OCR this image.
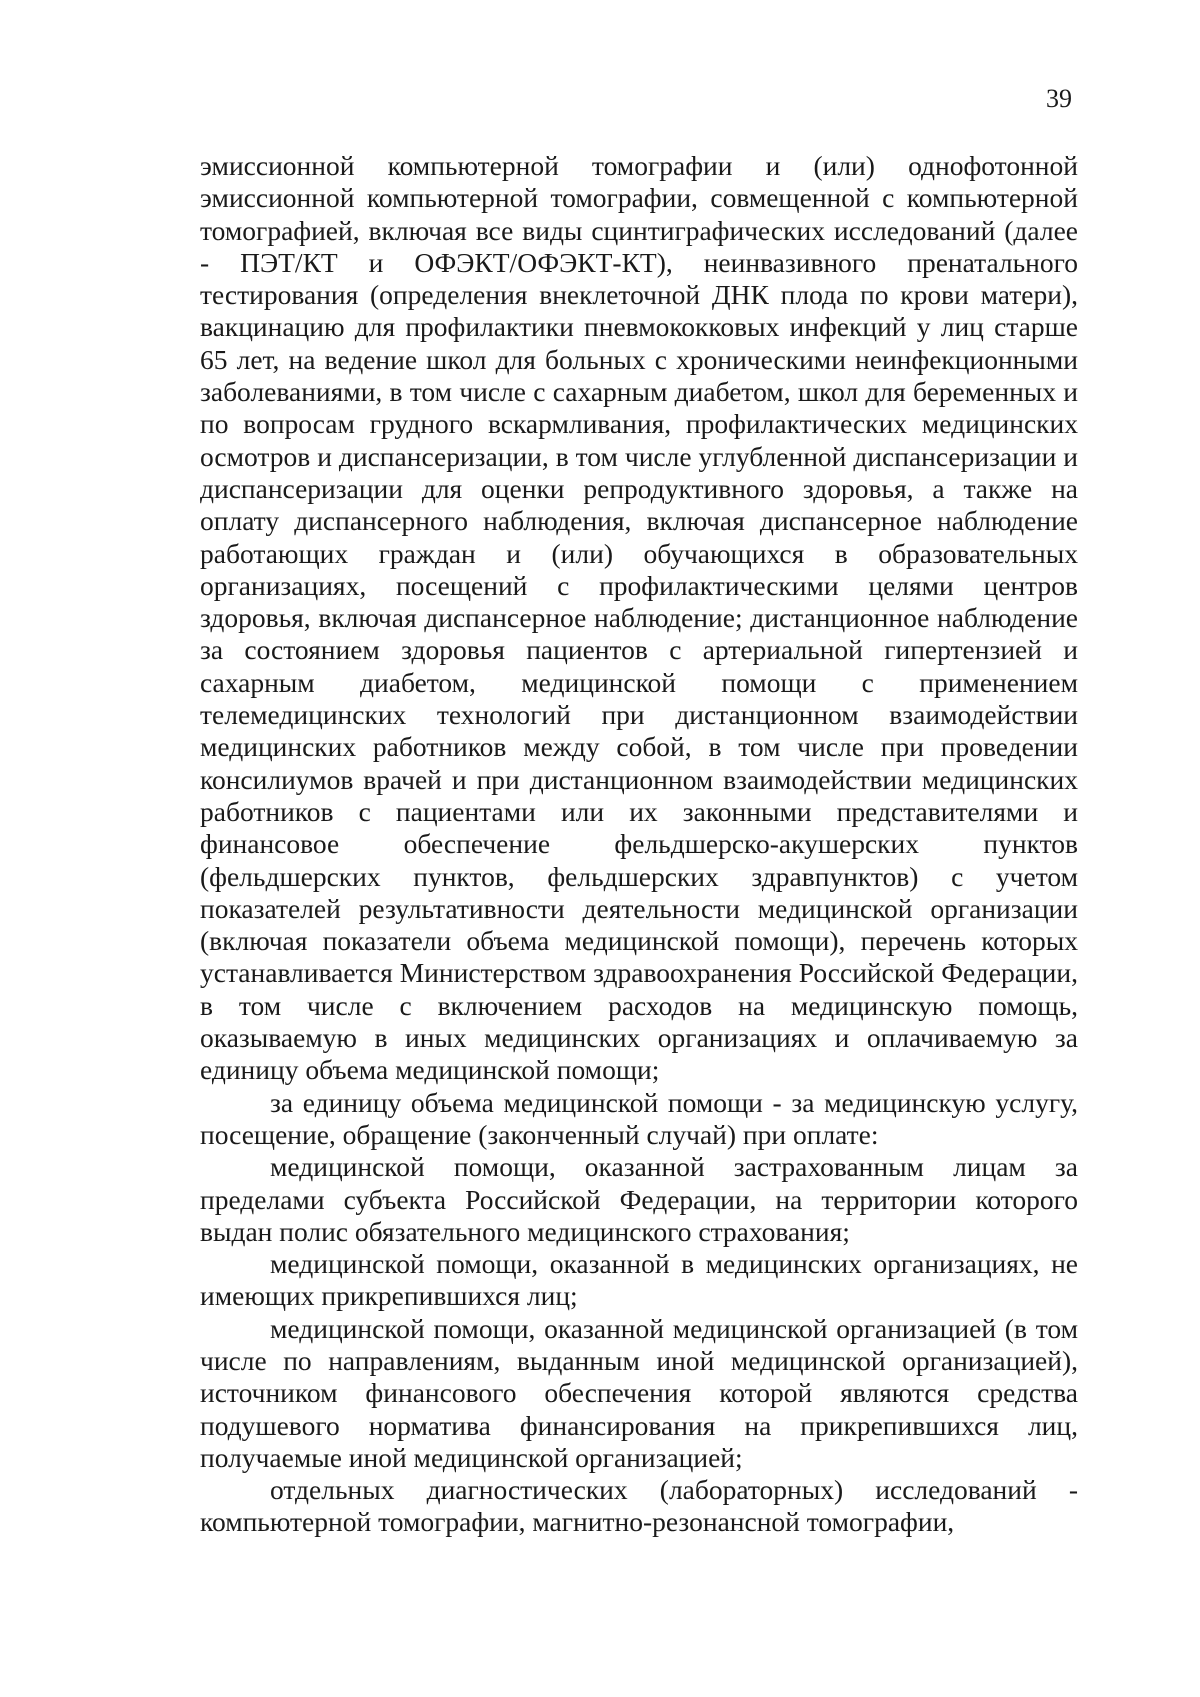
39

эмиссионной компьютерной томографии и (или) однофотонной эмиссионной компьютерной томографии, совмещенной с компьютерной томографией, включая все виды сцинтиграфических исследований (далее - ПЭТ/КТ и ОФЭКТ/ОФЭКТ-КТ), неинвазивного пренатального тестирования (определения внеклеточной ДНК плода по крови матери), вакцинацию для профилактики пневмококковых инфекций у лиц старше 65 лет, на ведение школ для больных с хроническими неинфекционными заболеваниями, в том числе с сахарным диабетом, школ для беременных и по вопросам грудного вскармливания, профилактических медицинских осмотров и диспансеризации, в том числе углубленной диспансеризации и диспансеризации для оценки репродуктивного здоровья, а также на оплату диспансерного наблюдения, включая диспансерное наблюдение работающих граждан и (или) обучающихся в образовательных организациях, посещений с профилактическими целями центров здоровья, включая диспансерное наблюдение; дистанционное наблюдение за состоянием здоровья пациентов с артериальной гипертензией и сахарным диабетом, медицинской помощи с применением телемедицинских технологий при дистанционном взаимодействии медицинских работников между собой, в том числе при проведении консилиумов врачей и при дистанционном взаимодействии медицинских работников с пациентами или их законными представителями и финансовое обеспечение фельдшерско-акушерских пунктов (фельдшерских пунктов, фельдшерских здравпунктов) с учетом показателей результативности деятельности медицинской организации (включая показатели объема медицинской помощи), перечень которых устанавливается Министерством здравоохранения Российской Федерации, в том числе с включением расходов на медицинскую помощь, оказываемую в иных медицинских организациях и оплачиваемую за единицу объема медицинской помощи;

за единицу объема медицинской помощи - за медицинскую услугу, посещение, обращение (законченный случай) при оплате:

медицинской помощи, оказанной застрахованным лицам за пределами субъекта Российской Федерации, на территории которого выдан полис обязательного медицинского страхования;

медицинской помощи, оказанной в медицинских организациях, не имеющих прикрепившихся лиц;

медицинской помощи, оказанной медицинской организацией (в том числе по направлениям, выданным иной медицинской организацией), источником финансового обеспечения которой являются средства подушевого норматива финансирования на прикрепившихся лиц, получаемые иной медицинской организацией;

отдельных диагностических (лабораторных) исследований - компьютерной томографии, магнитно-резонансной томографии,
